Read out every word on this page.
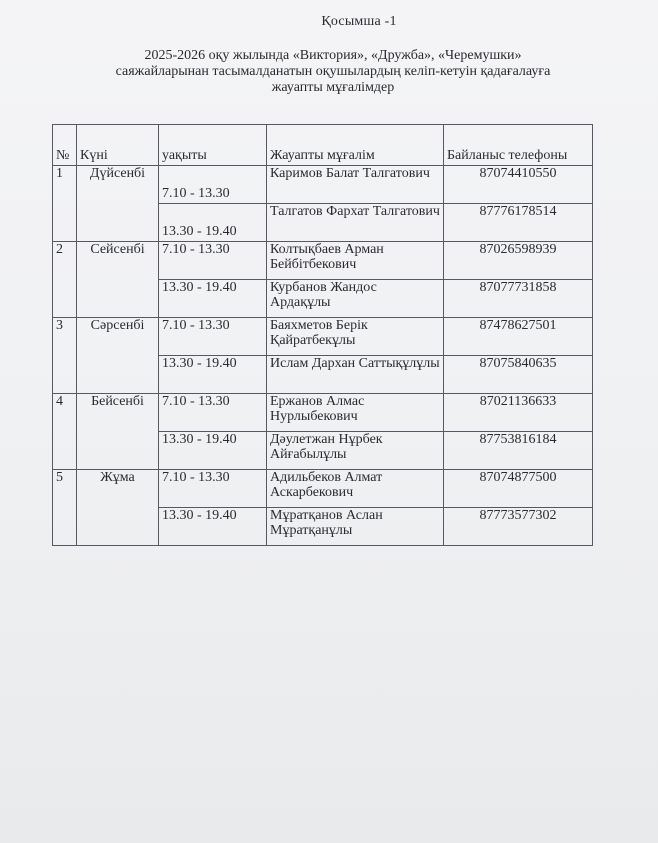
Қосымша -1
2025-2026 оқу жылында «Виктория», «Дружба», «Черемушки»
саяжайларынан тасымалданатын оқушылардың келіп-кетуін қадағалауға
жауапты мұғалімдер
№	Күні	уақыты	Жауапты мұғалім	Байланыс телефоны
1	Дүйсенбі	7.10 - 13.30	Каримов Балат Талгатович	87074410550
		13.30 - 19.40	Талгатов Фархат Талгатович	87776178514
2	Сейсенбі	7.10 - 13.30	Колтықбаев Арман Бейбітбекович	87026598939
		13.30 - 19.40	Курбанов Жандос Ардақұлы	87077731858
3	Сәрсенбі	7.10 - 13.30	Баяхметов Берік Қайратбекұлы	87478627501
		13.30 - 19.40	Ислам Дархан Саттықұлұлы	87075840635
4	Бейсенбі	7.10 - 13.30	Ержанов Алмас Нурлыбекович	87021136633
		13.30 - 19.40	Дәулетжан Нұрбек Айғабылұлы	87753816184
5	Жұма	7.10 - 13.30	Адильбеков Алмат Аскарбекович	87074877500
		13.30 - 19.40	Мұратқанов Аслан Мұратқанұлы	87773577302
